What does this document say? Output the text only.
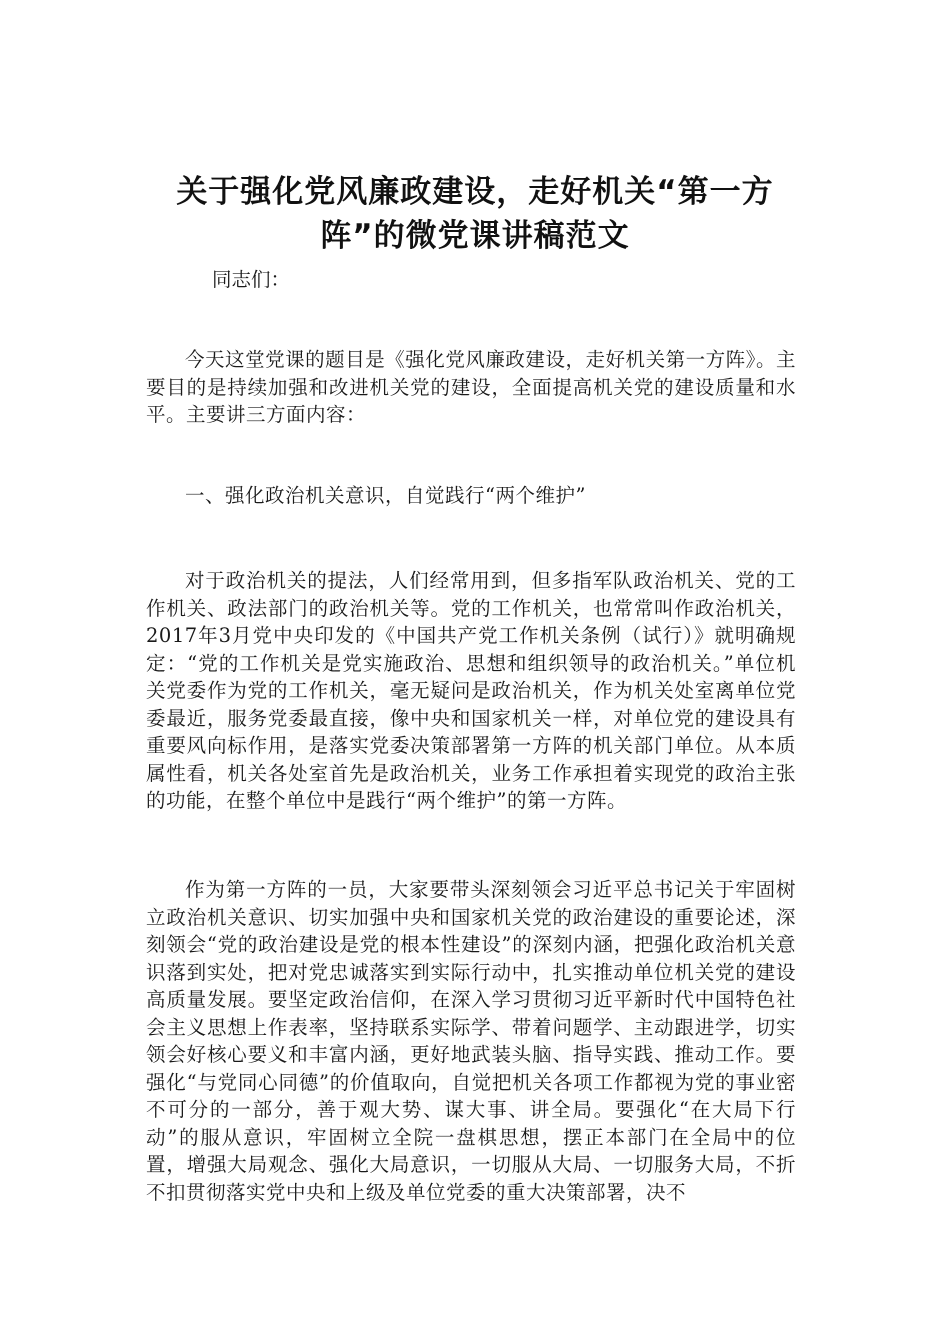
关于强化党风廉政建设，走好机关“第一方阵”的微党课讲稿范文

同志们：

今天这堂党课的题目是《强化党风廉政建设，走好机关第一方阵》。主要目的是持续加强和改进机关党的建设，全面提高机关党的建设质量和水平。主要讲三方面内容：

一、强化政治机关意识，自觉践行“两个维护”

对于政治机关的提法，人们经常用到，但多指军队政治机关、党的工作机关、政法部门的政治机关等。党的工作机关，也常常叫作政治机关，2017年3月党中央印发的《中国共产党工作机关条例（试行）》就明确规定：“党的工作机关是党实施政治、思想和组织领导的政治机关。”单位机关党委作为党的工作机关，毫无疑问是政治机关，作为机关处室离单位党委最近，服务党委最直接，像中央和国家机关一样，对单位党的建设具有重要风向标作用，是落实党委决策部署第一方阵的机关部门单位。从本质属性看，机关各处室首先是政治机关，业务工作承担着实现党的政治主张的功能，在整个单位中是践行“两个维护”的第一方阵。

作为第一方阵的一员，大家要带头深刻领会习近平总书记关于牢固树立政治机关意识、切实加强中央和国家机关党的政治建设的重要论述，深刻领会“党的政治建设是党的根本性建设”的深刻内涵，把强化政治机关意识落到实处，把对党忠诚落实到实际行动中，扎实推动单位机关党的建设高质量发展。要坚定政治信仰，在深入学习贯彻习近平新时代中国特色社会主义思想上作表率，坚持联系实际学、带着问题学、主动跟进学，切实领会好核心要义和丰富内涵，更好地武装头脑、指导实践、推动工作。要强化“与党同心同德”的价值取向，自觉把机关各项工作都视为党的事业密不可分的一部分，善于观大势、谋大事、讲全局。要强化“在大局下行动”的服从意识，牢固树立全院一盘棋思想，摆正本部门在全局中的位置，增强大局观念、强化大局意识，一切服从大局、一切服务大局，不折不扣贯彻落实党中央和上级及单位党委的重大决策部署，决不
